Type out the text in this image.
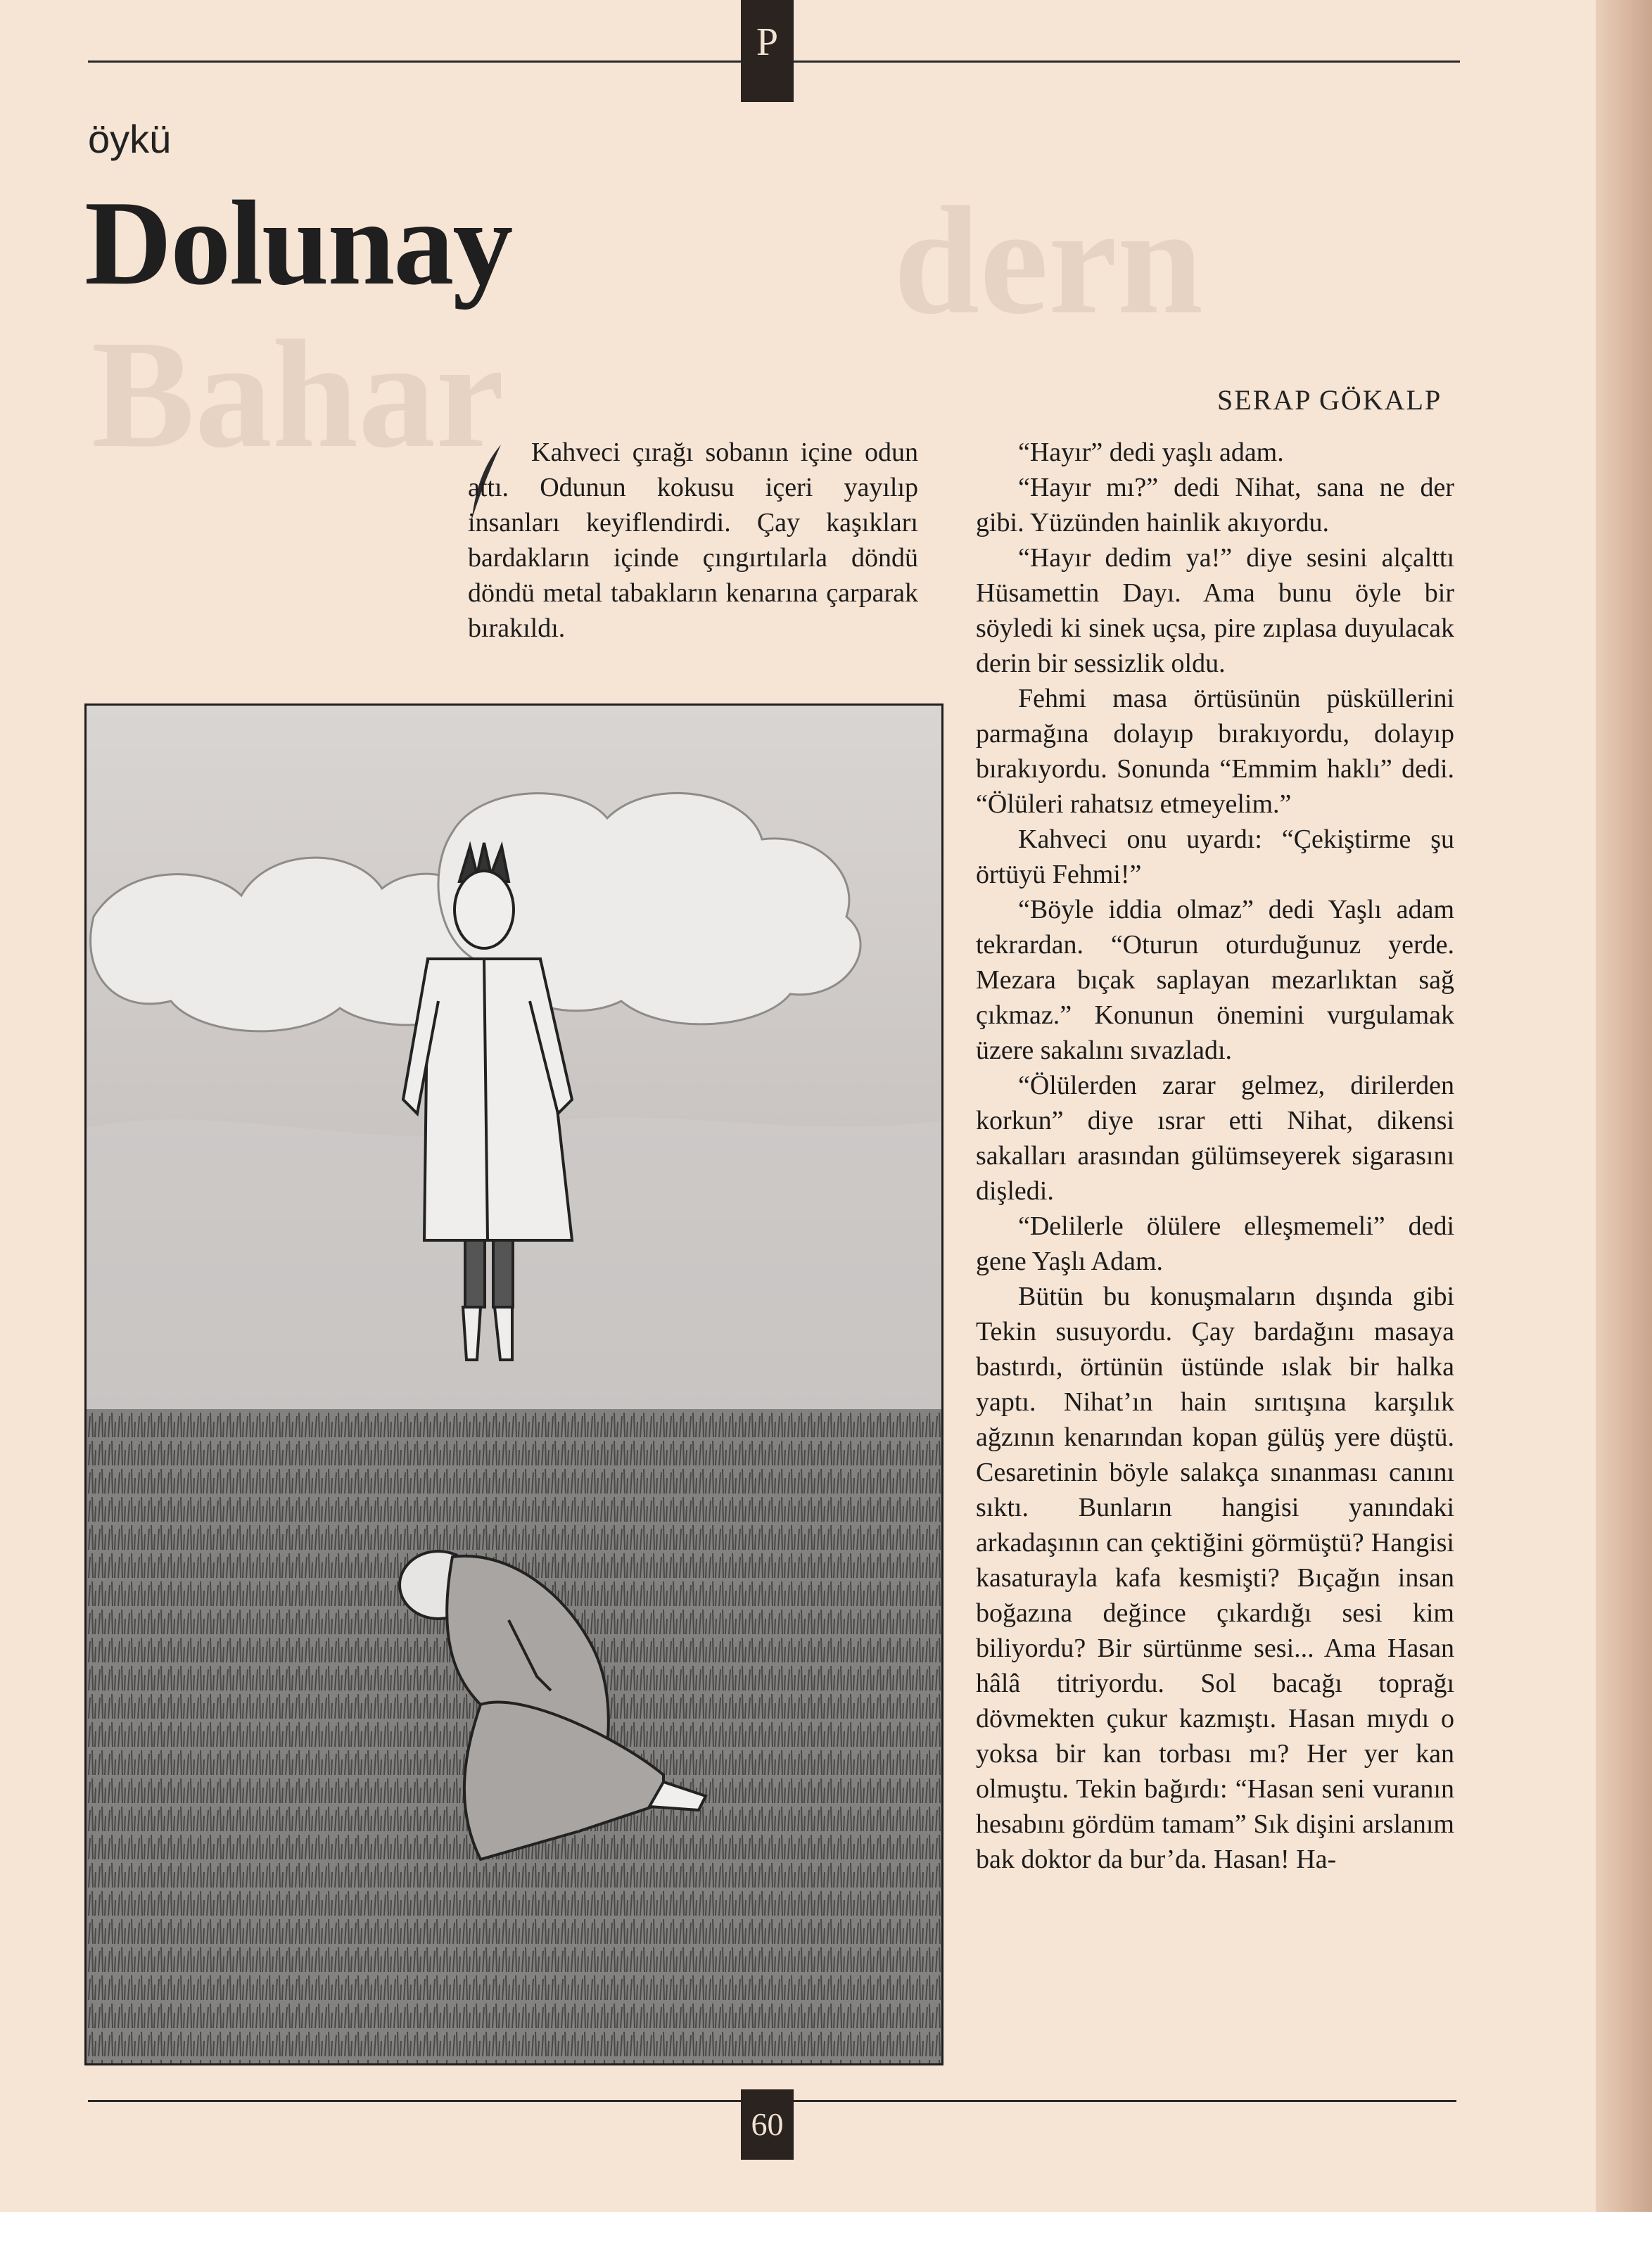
Bahar
dern
P
öykü
Dolunay
SERAP GÖKALP
Kahveci çırağı sobanın içine odun attı. Odunun kokusu içeri yayılıp insanları keyiflendirdi. Çay kaşıkları bardakların içinde çıngırtılarla döndü döndü metal tabakların kenarına çarparak bırakıldı.

“Hayır” dedi yaşlı adam.

“Hayır mı?” dedi Nihat, sana ne der gibi. Yüzünden hainlik akıyordu.

“Hayır dedim ya!” diye sesini alçalttı Hüsamettin Dayı. Ama bunu öyle bir söyledi ki sinek uçsa, pire zıplasa duyulacak derin bir sessizlik oldu.

Fehmi masa örtüsünün püsküllerini parmağına dolayıp bırakıyordu, dolayıp bırakıyordu. Sonunda “Emmim haklı” dedi. “Ölüleri rahatsız etmeyelim.”

Kahveci onu uyardı: “Çekiştirme şu örtüyü Fehmi!”

“Böyle iddia olmaz” dedi Yaşlı adam tekrardan. “Oturun oturduğunuz yerde. Mezara bıçak saplayan mezarlıktan sağ çıkmaz.” Konunun önemini vurgulamak üzere sakalını sıvazladı.

“Ölülerden zarar gelmez, dirilerden korkun” diye ısrar etti Nihat, dikensi sakalları arasından gülümseyerek sigarasını dişledi.

“Delilerle ölülere elleşmemeli” dedi gene Yaşlı Adam.

Bütün bu konuşmaların dışında gibi Tekin susuyordu. Çay bardağını masaya bastırdı, örtünün üstünde ıslak bir halka yaptı. Nihat’ın hain sırıtışına karşılık ağzının kenarından kopan gülüş yere düştü. Cesaretinin böyle salakça sınanması canını sıktı. Bunların hangisi yanındaki arkadaşının can çektiğini görmüştü? Hangisi kasaturayla kafa kesmişti? Bıçağın insan boğazına değince çıkardığı sesi kim biliyordu? Bir sürtünme sesi... Ama Hasan hâlâ titriyordu. Sol bacağı toprağı dövmekten çukur kazmıştı. Hasan mıydı o yoksa bir kan torbası mı? Her yer kan olmuştu. Tekin bağırdı: “Hasan seni vuranın hesabını gördüm tamam” Sık dişini arslanım bak doktor da bur’da. Hasan! Ha-

60
